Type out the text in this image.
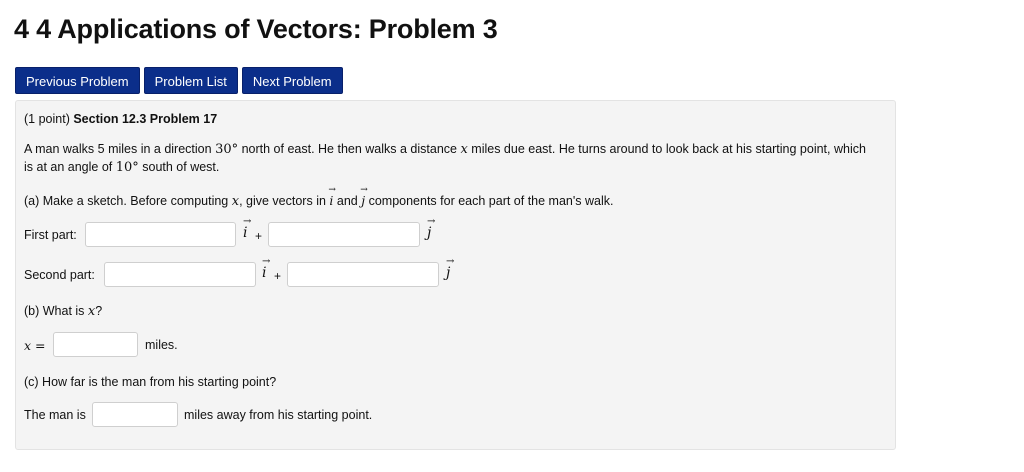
4 4 Applications of Vectors: Problem 3
Previous Problem	Problem List	Next Problem
(1 point) Section 12.3 Problem 17
A man walks 5 miles in a direction 30° north of east. He then walks a distance x miles due east. He turns around to look back at his starting point, which
is at an angle of 10° south of west.
(a) Make a sketch. Before computing x, give vectors in
→
i and
→
j components for each part of the man's walk.
First part:
→
i +
→
j
Second part:
→
i +
→
j
(b) What is x?
x =	miles.
(c) How far is the man from his starting point?
The man is	miles away from his starting point.
